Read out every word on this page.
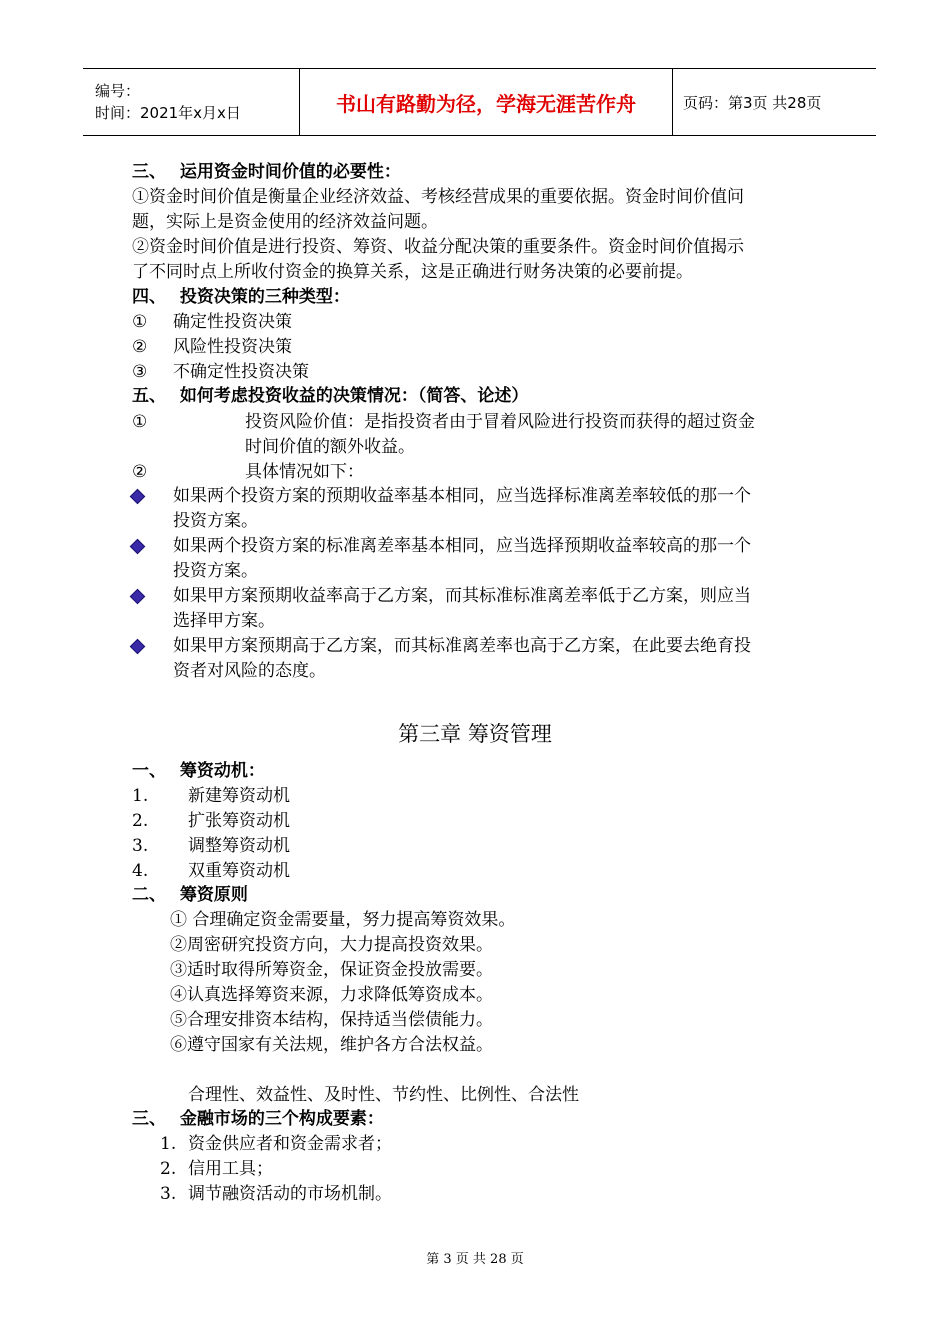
编号：
时间：2021年x月x日	书山有路勤为径，学海无涯苦作舟	页码：第3页 共28页
三、 运用资金时间价值的必要性：
①资金时间价值是衡量企业经济效益、考核经营成果的重要依据。资金时间价值问
题，实际上是资金使用的经济效益问题。
②资金时间价值是进行投资、筹资、收益分配决策的重要条件。资金时间价值揭示
了不同时点上所收付资金的换算关系，这是正确进行财务决策的必要前提。
四、 投资决策的三种类型：
① 确定性投资决策
② 风险性投资决策
③ 不确定性投资决策
五、 如何考虑投资收益的决策情况：（简答、论述）
①	投资风险价值：是指投资者由于冒着风险进行投资而获得的超过资金
时间价值的额外收益。
②	具体情况如下：
如果两个投资方案的预期收益率基本相同，应当选择标准离差率较低的那一个
投资方案。
如果两个投资方案的标准离差率基本相同，应当选择预期收益率较高的那一个
投资方案。
如果甲方案预期收益率高于乙方案，而其标准标准离差率低于乙方案，则应当
选择甲方案。
如果甲方案预期高于乙方案，而其标准离差率也高于乙方案，在此要去绝育投
资者对风险的态度。
第三章 筹资管理
一、 筹资动机：
1. 新建筹资动机
2. 扩张筹资动机
3. 调整筹资动机
4. 双重筹资动机
二、 筹资原则
① 合理确定资金需要量，努力提高筹资效果。
②周密研究投资方向，大力提高投资效果。
③适时取得所筹资金，保证资金投放需要。
④认真选择筹资来源，力求降低筹资成本。
⑤合理安排资本结构，保持适当偿债能力。
⑥遵守国家有关法规，维护各方合法权益。
合理性、效益性、及时性、节约性、比例性、合法性
三、 金融市场的三个构成要素：
1. 资金供应者和资金需求者；
2. 信用工具；
3. 调节融资活动的市场机制。
第 3 页 共 28 页
